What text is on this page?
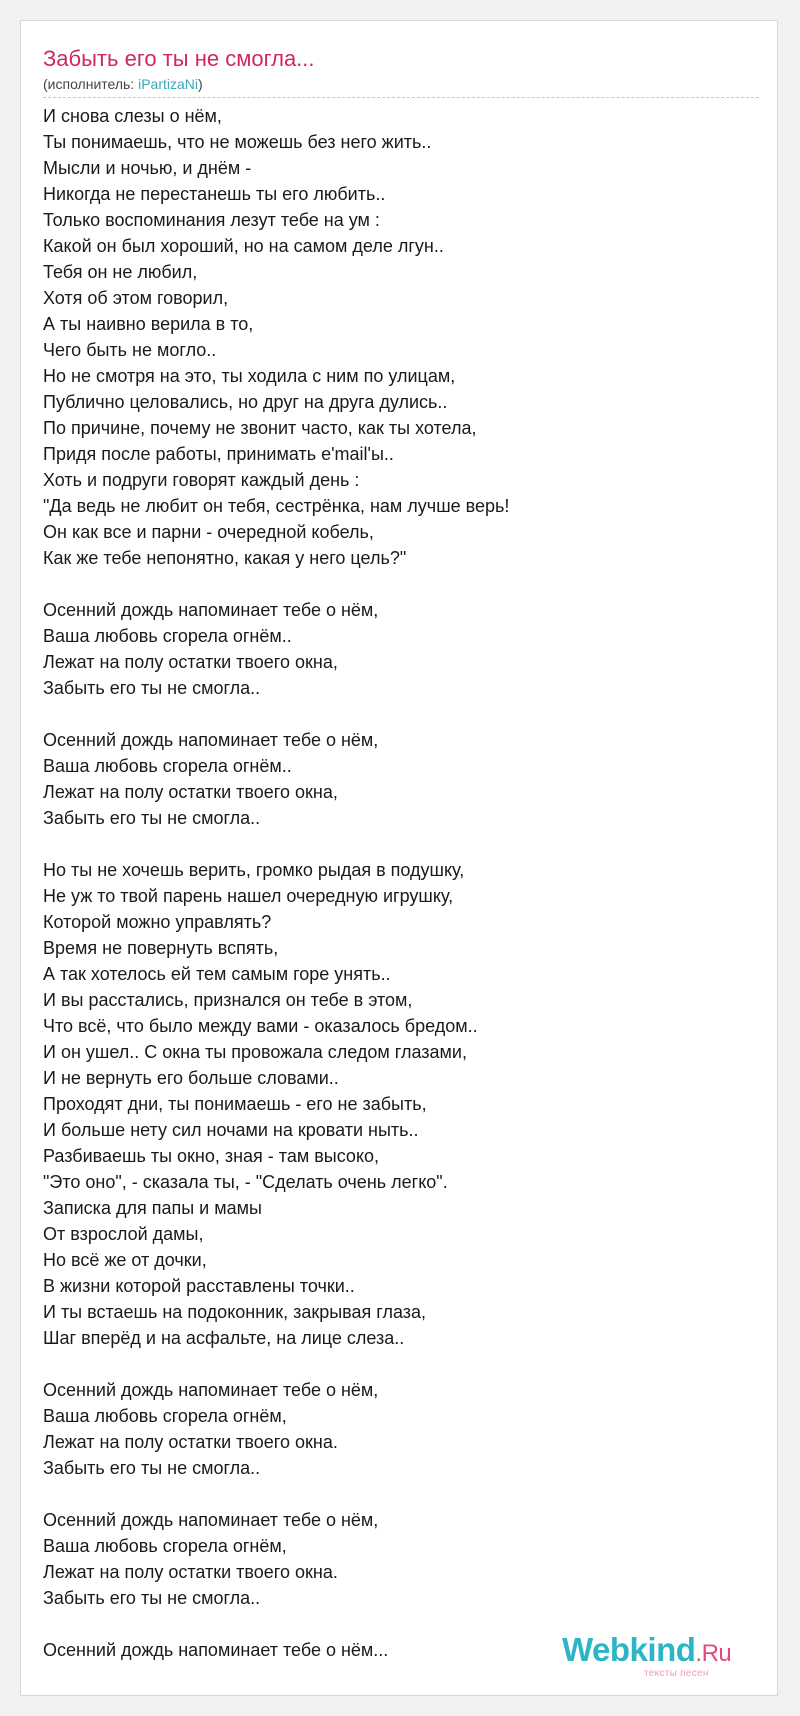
Забыть его ты не смогла...
(исполнитель: iPartizaNi)
И снова слезы о нём,
Ты понимаешь, что не можешь без него жить..
Мысли и ночью, и днём -
Никогда не перестанешь ты его любить..
Только воспоминания лезут тебе на ум :
Какой он был хороший, но на самом деле лгун..
Тебя он не любил,
Хотя об этом говорил,
А ты наивно верила в то,
Чего быть не могло..
Но не смотря на это, ты ходила с ним по улицам,
Публично целовались, но друг на друга дулись..
По причине, почему не звонит часто, как ты хотела,
Придя после работы, принимать e'mail'ы..
Хоть и подруги говорят каждый день :
"Да ведь не любит он тебя, сестрёнка, нам лучше верь!
Он как все и парни - очередной кобель,
Как же тебе непонятно, какая у него цель?"
Осенний дождь напоминает тебе о нём,
Ваша любовь сгорела огнём..
Лежат на полу остатки твоего окна,
Забыть его ты не смогла..
Осенний дождь напоминает тебе о нём,
Ваша любовь сгорела огнём..
Лежат на полу остатки твоего окна,
Забыть его ты не смогла..
Но ты не хочешь верить, громко рыдая в подушку,
Не уж то твой парень нашел очередную игрушку,
Которой можно управлять?
Время не повернуть вспять,
А так хотелось ей тем самым горе унять..
И вы расстались, признался он тебе в этом,
Что всё, что было между вами - оказалось бредом..
И он ушел.. С окна ты провожала следом глазами,
И не вернуть его больше словами..
Проходят дни, ты понимаешь - его не забыть,
И больше нету сил ночами на кровати ныть..
Разбиваешь ты окно, зная - там высоко,
"Это оно", - сказала ты, - "Сделать очень легко".
Записка для папы и мамы
От взрослой дамы,
Но всё же от дочки,
В жизни которой расставлены точки..
И ты встаешь на подоконник, закрывая глаза,
Шаг вперёд и на асфальте, на лице слеза..
Осенний дождь напоминает тебе о нём,
Ваша любовь сгорела огнём,
Лежат на полу остатки твоего окна.
Забыть его ты не смогла..
Осенний дождь напоминает тебе о нём,
Ваша любовь сгорела огнём,
Лежат на полу остатки твоего окна.
Забыть его ты не смогла..
Осенний дождь напоминает тебе о нём...	Webkind.Ru
тексты песен
